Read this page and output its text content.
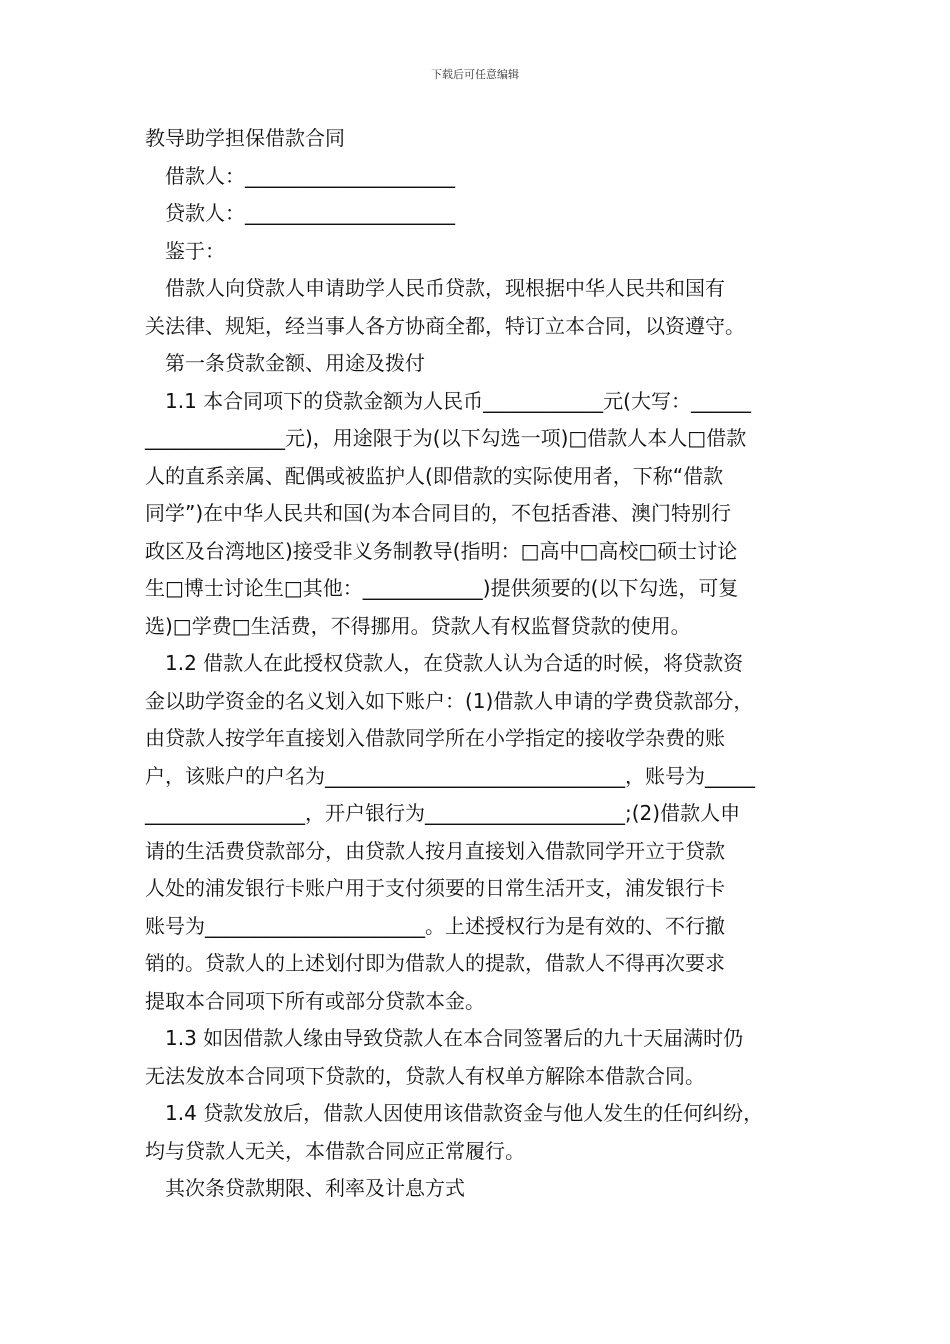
下载后可任意编辑
教导助学担保借款合同
借款人：_____________________
贷款人：_____________________
鉴于：
借款人向贷款人申请助学人民币贷款，现根据中华人民共和国有
关法律、规矩，经当事人各方协商全都，特订立本合同，以资遵守。
第一条贷款金额、用途及拨付
1.1 本合同项下的贷款金额为人民币____________元(大写：______
______________元)，用途限于为(以下勾选一项)□借款人本人□借款
人的直系亲属、配偶或被监护人(即借款的实际使用者，下称“借款
同学”)在中华人民共和国(为本合同目的，不包括香港、澳门特别行
政区及台湾地区)接受非义务制教导(指明：□高中□高校□硕士讨论
生□博士讨论生□其他：____________)提供须要的(以下勾选，可复
选)□学费□生活费，不得挪用。贷款人有权监督贷款的使用。
1.2 借款人在此授权贷款人，在贷款人认为合适的时候，将贷款资
金以助学资金的名义划入如下账户：(1)借款人申请的学费贷款部分，
由贷款人按学年直接划入借款同学所在小学指定的接收学杂费的账
户，该账户的户名为______________________________，账号为_____
________________，开户银行为____________________;(2)借款人申
请的生活费贷款部分，由贷款人按月直接划入借款同学开立于贷款
人处的浦发银行卡账户用于支付须要的日常生活开支，浦发银行卡
账号为______________________。上述授权行为是有效的、不行撤
销的。贷款人的上述划付即为借款人的提款，借款人不得再次要求
提取本合同项下所有或部分贷款本金。
1.3 如因借款人缘由导致贷款人在本合同签署后的九十天届满时仍
无法发放本合同项下贷款的，贷款人有权单方解除本借款合同。
1.4 贷款发放后，借款人因使用该借款资金与他人发生的任何纠纷，
均与贷款人无关，本借款合同应正常履行。
其次条贷款期限、利率及计息方式
